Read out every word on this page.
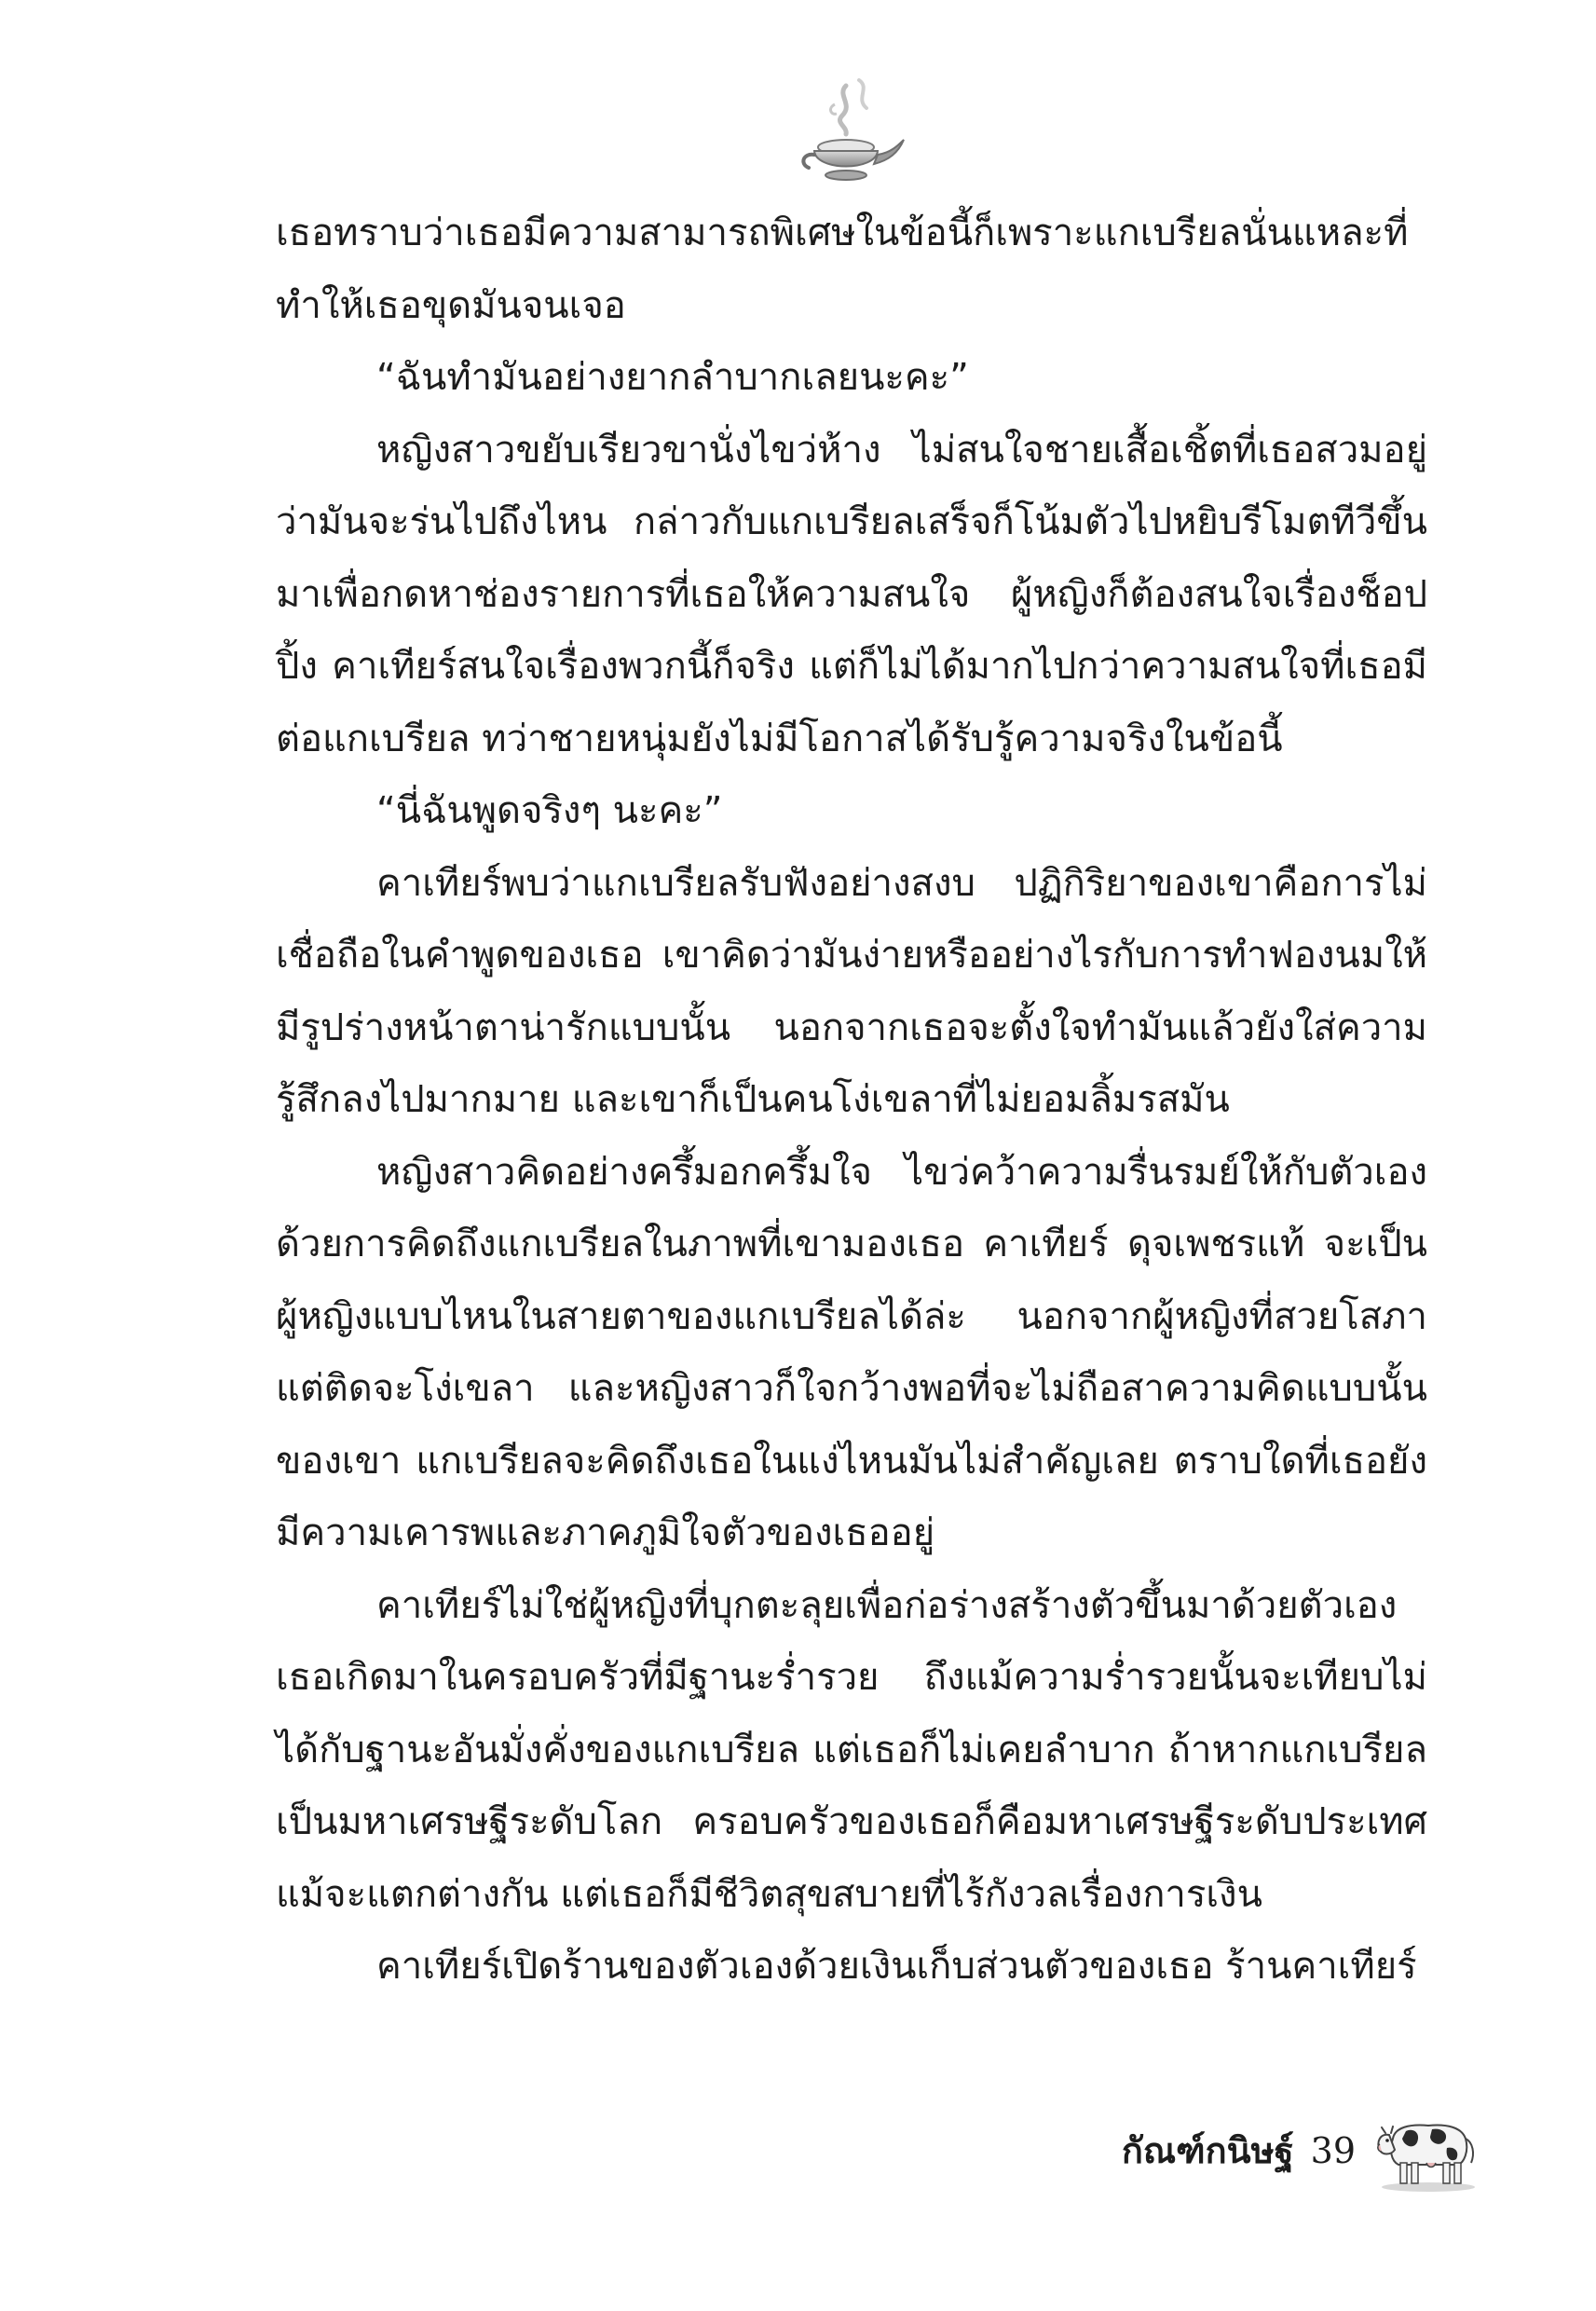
เธอทราบว่าเธอมีความสามารถพิเศษในข้อนี้ก็เพราะแกเบรียลนั่นแหละที่ทำให้เธอขุดมันจนเจอ

“ฉันทำมันอย่างยากลำบากเลยนะคะ”

หญิงสาวขยับเรียวขานั่งไขว่ห้าง ไม่สนใจชายเสื้อเชิ้ตที่เธอสวมอยู่ว่ามันจะร่นไปถึงไหน กล่าวกับแกเบรียลเสร็จก็โน้มตัวไปหยิบรีโมตทีวีขึ้นมาเพื่อกดหาช่องรายการที่เธอให้ความสนใจ ผู้หญิงก็ต้องสนใจเรื่องช็อปปิ้ง คาเทียร์สนใจเรื่องพวกนี้ก็จริง แต่ก็ไม่ได้มากไปกว่าความสนใจที่เธอมีต่อแกเบรียล ทว่าชายหนุ่มยังไม่มีโอกาสได้รับรู้ความจริงในข้อนี้

“นี่ฉันพูดจริงๆ นะคะ”

คาเทียร์พบว่าแกเบรียลรับฟังอย่างสงบ ปฏิกิริยาของเขาคือการไม่เชื่อถือในคำพูดของเธอ เขาคิดว่ามันง่ายหรืออย่างไรกับการทำฟองนมให้มีรูปร่างหน้าตาน่ารักแบบนั้น นอกจากเธอจะตั้งใจทำมันแล้วยังใส่ความรู้สึกลงไปมากมาย และเขาก็เป็นคนโง่เขลาที่ไม่ยอมลิ้มรสมัน

หญิงสาวคิดอย่างครึ้มอกครึ้มใจ ไขว่คว้าความรื่นรมย์ให้กับตัวเองด้วยการคิดถึงแกเบรียลในภาพที่เขามองเธอ คาเทียร์ ดุจเพชรแท้ จะเป็นผู้หญิงแบบไหนในสายตาของแกเบรียลได้ล่ะ นอกจากผู้หญิงที่สวยโสภาแต่ติดจะโง่เขลา และหญิงสาวก็ใจกว้างพอที่จะไม่ถือสาความคิดแบบนั้นของเขา แกเบรียลจะคิดถึงเธอในแง่ไหนมันไม่สำคัญเลย ตราบใดที่เธอยังมีความเคารพและภาคภูมิใจตัวของเธออยู่

คาเทียร์ไม่ใช่ผู้หญิงที่บุกตะลุยเพื่อก่อร่างสร้างตัวขึ้นมาด้วยตัวเอง เธอเกิดมาในครอบครัวที่มีฐานะร่ำรวย ถึงแม้ความร่ำรวยนั้นจะเทียบไม่ได้กับฐานะอันมั่งคั่งของแกเบรียล แต่เธอก็ไม่เคยลำบาก ถ้าหากแกเบรียลเป็นมหาเศรษฐีระดับโลก ครอบครัวของเธอก็คือมหาเศรษฐีระดับประเทศ แม้จะแตกต่างกัน แต่เธอก็มีชีวิตสุขสบายที่ไร้กังวลเรื่องการเงิน

คาเทียร์เปิดร้านของตัวเองด้วยเงินเก็บส่วนตัวของเธอ ร้านคาเทียร์

กัณฑ์กนิษฐ์ 39
